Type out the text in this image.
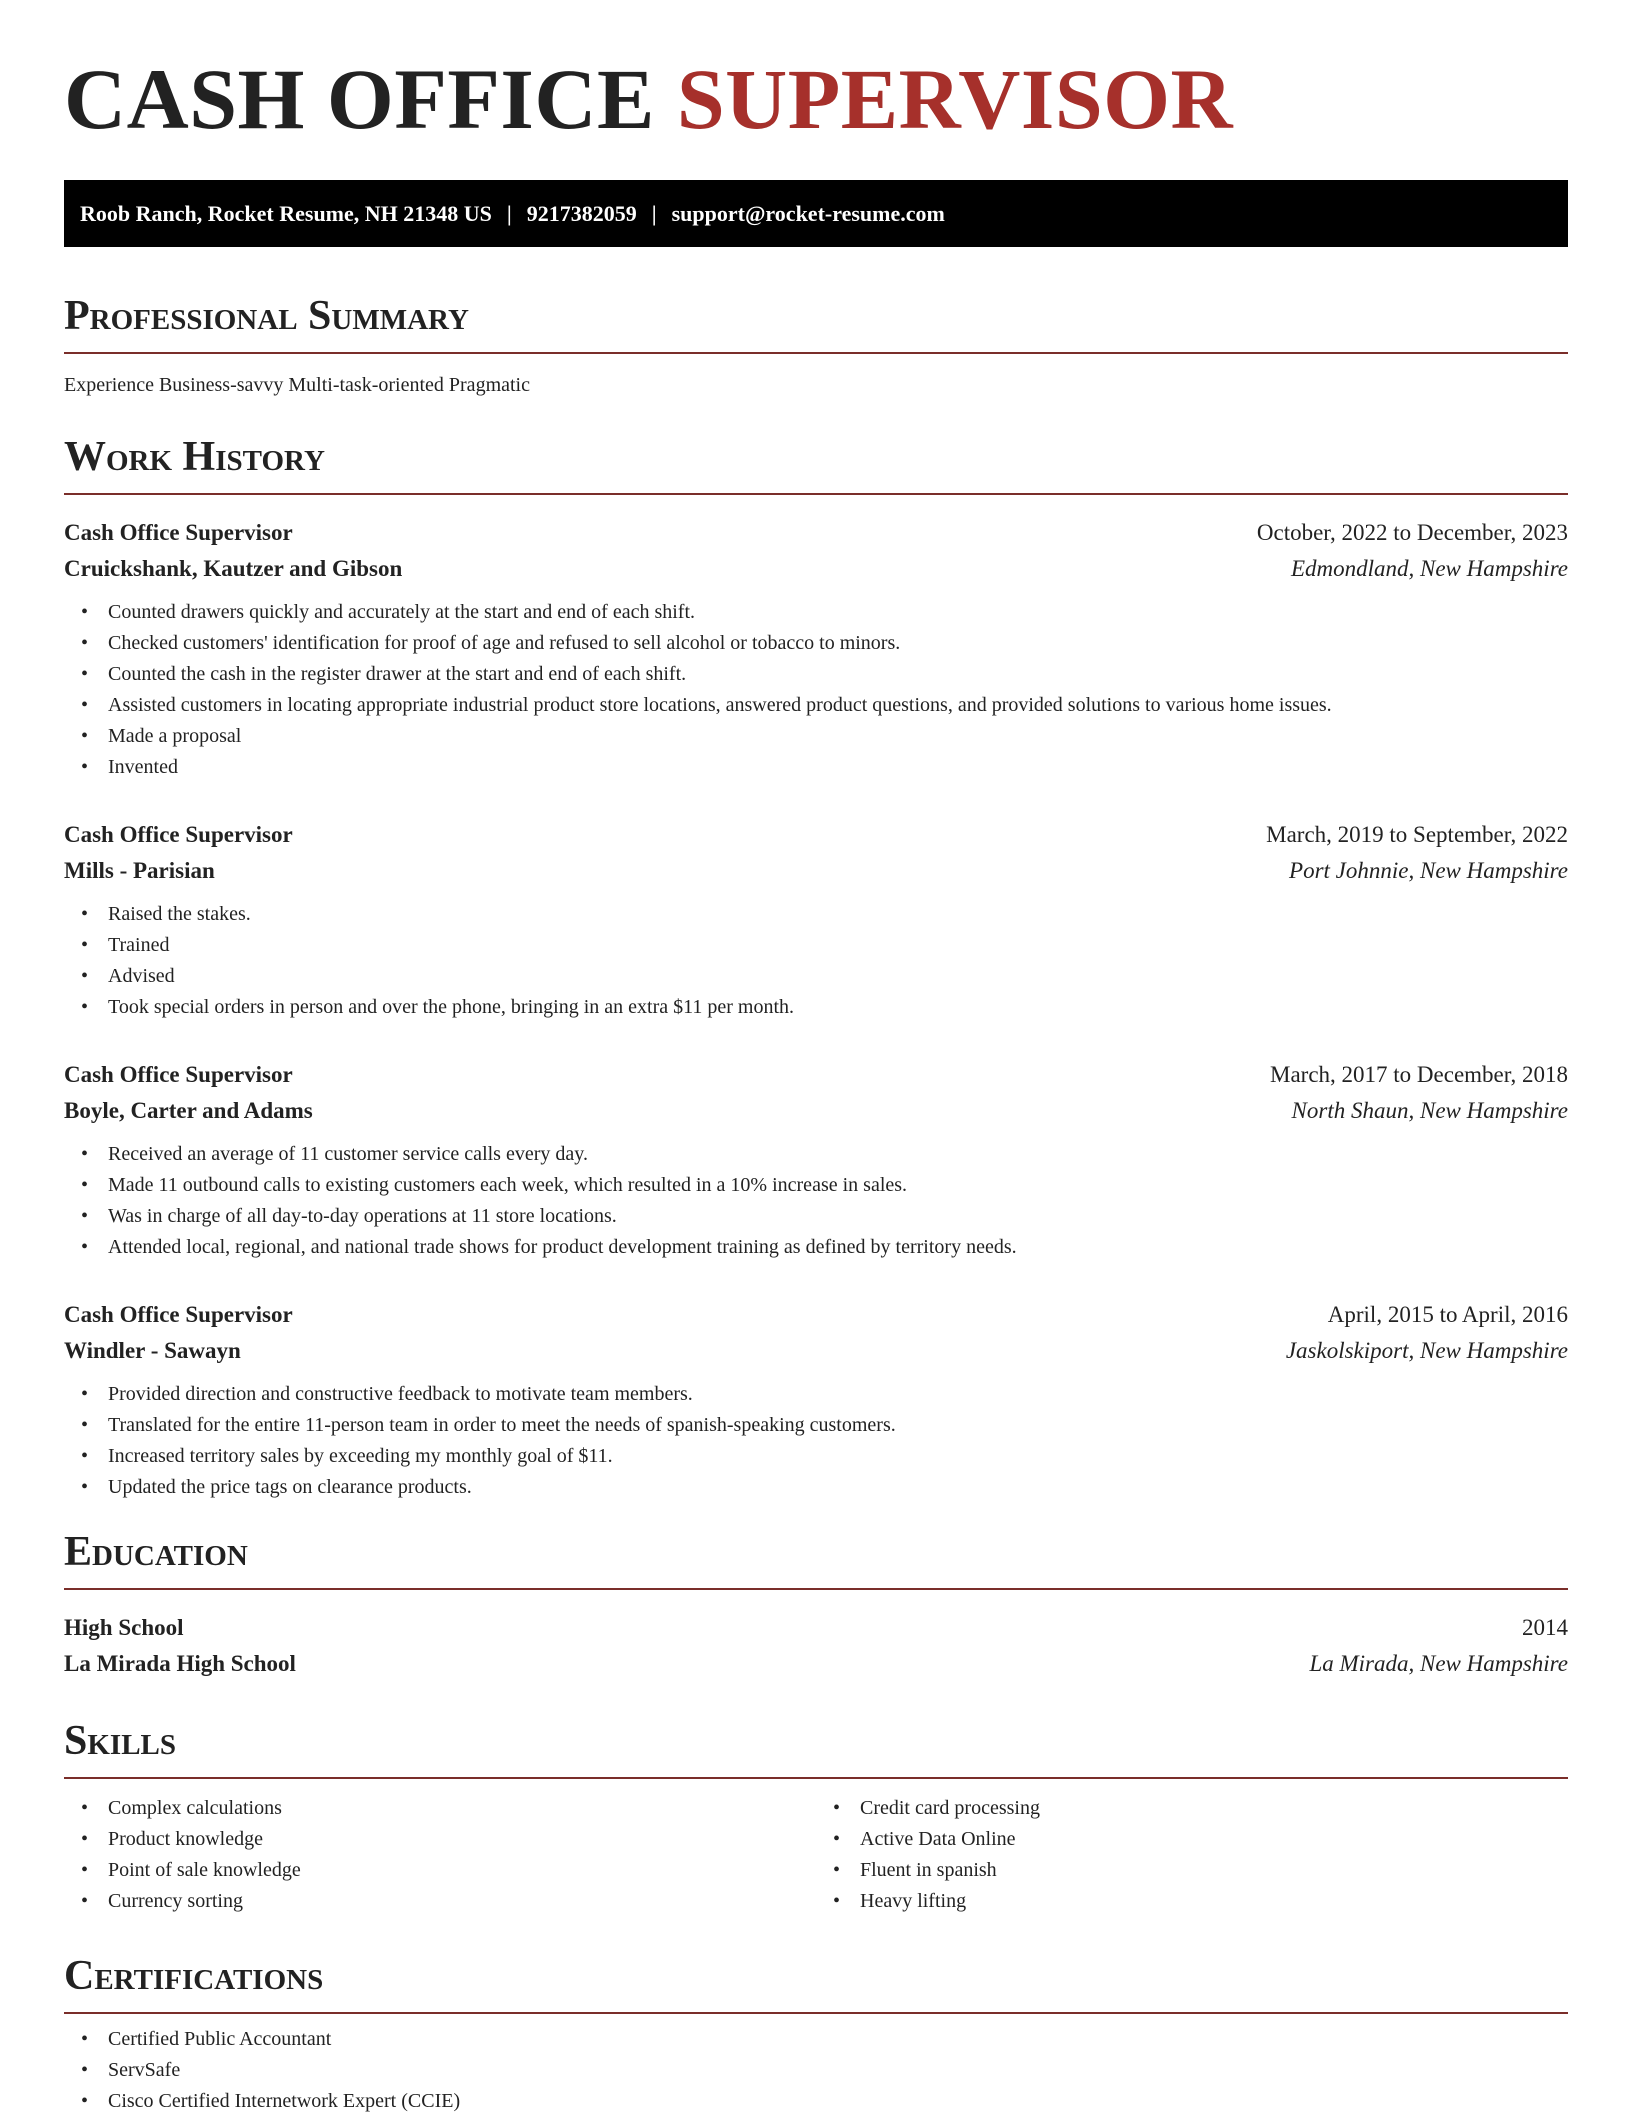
CASH OFFICE SUPERVISOR
Roob Ranch, Rocket Resume, NH 21348 US | 9217382059 | support@rocket-resume.com
Professional Summary
Experience Business-savvy Multi-task-oriented Pragmatic
Work History
Cash Office Supervisor	October, 2022 to December, 2023
Cruickshank, Kautzer and Gibson	Edmondland, New Hampshire
• Counted drawers quickly and accurately at the start and end of each shift.
• Checked customers' identification for proof of age and refused to sell alcohol or tobacco to minors.
• Counted the cash in the register drawer at the start and end of each shift.
• Assisted customers in locating appropriate industrial product store locations, answered product questions, and provided solutions to various home issues.
• Made a proposal
• Invented
Cash Office Supervisor	March, 2019 to September, 2022
Mills - Parisian	Port Johnnie, New Hampshire
• Raised the stakes.
• Trained
• Advised
• Took special orders in person and over the phone, bringing in an extra $11 per month.
Cash Office Supervisor	March, 2017 to December, 2018
Boyle, Carter and Adams	North Shaun, New Hampshire
• Received an average of 11 customer service calls every day.
• Made 11 outbound calls to existing customers each week, which resulted in a 10% increase in sales.
• Was in charge of all day-to-day operations at 11 store locations.
• Attended local, regional, and national trade shows for product development training as defined by territory needs.
Cash Office Supervisor	April, 2015 to April, 2016
Windler - Sawayn	Jaskolskiport, New Hampshire
• Provided direction and constructive feedback to motivate team members.
• Translated for the entire 11-person team in order to meet the needs of spanish-speaking customers.
• Increased territory sales by exceeding my monthly goal of $11.
• Updated the price tags on clearance products.
Education
High School	2014
La Mirada High School	La Mirada, New Hampshire
Skills
• Complex calculations
• Product knowledge
• Point of sale knowledge
• Currency sorting
• Credit card processing
• Active Data Online
• Fluent in spanish
• Heavy lifting
Certifications
• Certified Public Accountant
• ServSafe
• Cisco Certified Internetwork Expert (CCIE)
